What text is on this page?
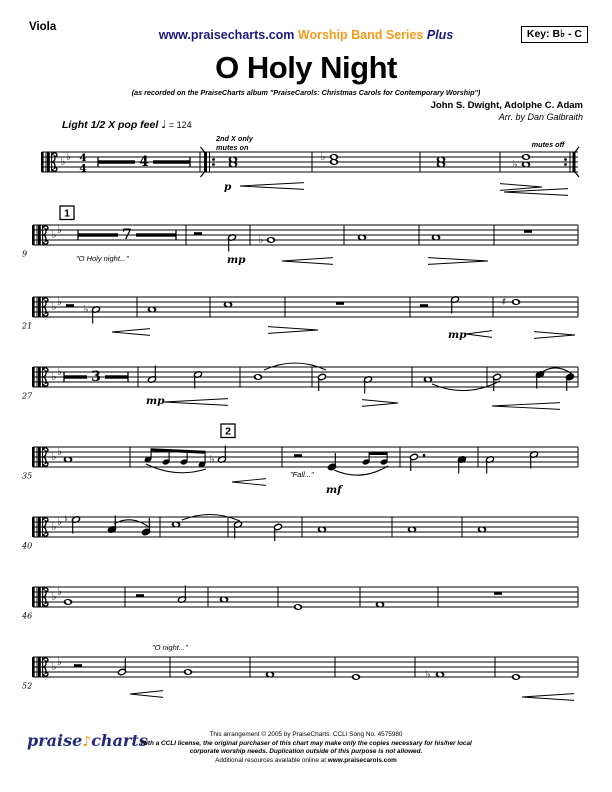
Viola
www.praisecharts.com Worship Band Series Plus	Key: B♭ - C
O Holy Night
(as recorded on the PraiseCharts album "PraiseCarols: Christmas Carols for Contemporary Worship")
John S. Dwight, Adolphe C. Adam
Arr. by Dan Galbraith
Light 1/2 X pop feel ♩ = 124
♭ ♭ 4
4	4
2nd X only
mutes on
p
♭
mutes off
♭
9
♭ ♭
1
7
mp
"O Holy night..."
♭
21
♭ ♭
♭
mp
♯
27
♭ ♭ 3
mp
2
35
♭ ♭
♭
"Fall..."
mf
40
♭ ♭ ♮
46
♭ ♭
52
♭ ♭
"O night..."
♭
praise♪charts	This arrangement © 2005 by PraiseCharts. CCLI Song No. 4575980
With a CCLI license, the original purchaser of this chart may make only the copies necessary for his/her local
corporate worship needs. Duplication outside of this purpose is not allowed.
Additional resources available online at www.praisecarols.com
